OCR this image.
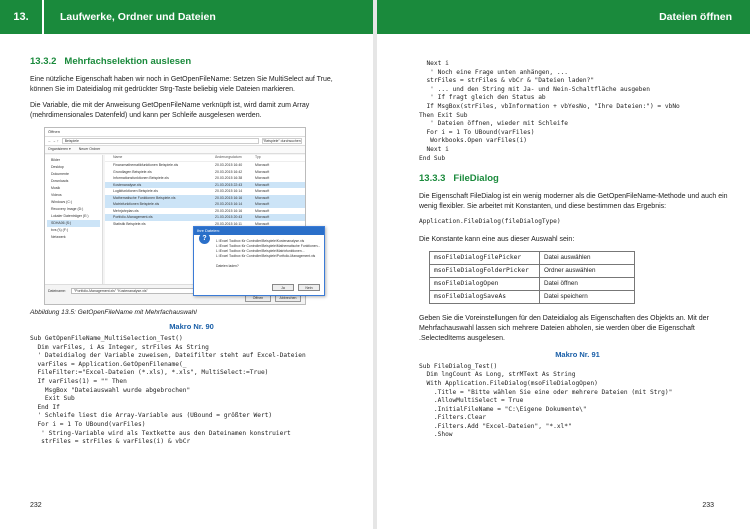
13.	Laufwerke, Ordner und Dateien
13.3.2 Mehrfachselektion auslesen

Eine nützliche Eigenschaft haben wir noch in GetOpenFileName: Setzen Sie MultiSelect auf True, können Sie im Dateidialog mit gedrückter Strg-Taste beliebig viele Dateien markieren.

Die Variable, die mit der Anweisung GetOpenFileName verknüpft ist, wird damit zum Array (mehrdimensionales Datenfeld) und kann per Schleife ausgelesen werden.

Öffnen
← → ↑	Beispiele	"Beispiele" durchsuchen
Organisieren ▾ Neuer Ordner
Bilder
Desktop
Dokumente
Downloads
Musik
Videos
Windows (C:)
Recovery Image (D:)
Lokaler Datenträger (E:)
SDHA06 (S:)
bvs (\\) (F:)
Netzwerk
Name	Änderungsdatum	Typ
Finanzmathematikfunktionen Beispiele.xls	20.03.2015 16:40	Microsoft
Grundlagen Beispiele.xls	20.03.2015 16:42	Microsoft
Informationsfunktionen Beispiele.xls	20.03.2015 16:38	Microsoft
Kostenanalyse.xls	21.03.2015 22:43	Microsoft
Logikfunktionen Beispiele.xls	20.03.2015 16:14	Microsoft
Mathematische Funktionen Beispiele.xls	20.03.2015 16:16	Microsoft
Matrixfunktionen Beispiele.xls	20.03.2015 16:14	Microsoft
Mehrjahrplan.xls	20.03.2015 16:16	Microsoft
Portfolio-Management.xls	21.03.2015 20:43	Microsoft
Statistik Beispiele.xls	20.03.2015 16:11	Microsoft
Dateiname: "Portfolio-Management.xls" "Kostenanalyse.xls"
Öffnen	Abbrechen
Ihre Dateien:
?	L:\Excel Toolbox für Controller\Beispiele\Kostenanalyse.xls
L:\Excel Toolbox für Controller\Beispiele\Mathematische Funktionen...
L:\Excel Toolbox für Controller\Beispiele\Matrixfunktionen...
L:\Excel Toolbox für Controller\Beispiele\Portfolio-Management.xls

Dateien laden?
Ja	Nein
Abbildung 13.5: GetOpenFileName mit Mehrfachauswahl
Makro Nr. 90
Sub GetOpenFileName_MultiSelection_Test()
Dim varFiles, i As Integer, strFiles As String
' Dateidialog der Variable zuweisen, Dateifilter steht auf Excel-Dateien
varFiles = Application.GetOpenFilename(_
FileFilter:="Excel-Dateien (*.xls), *.xls", MultiSelect:=True)
If varFiles(1) = "" Then
MsgBox "Dateiauswahl wurde abgebrochen"
Exit Sub
End If
' Schleife liest die Array-Variable aus (UBound = größter Wert)
For i = 1 To UBound(varFiles)
' String-Variable wird als Textkette aus den Dateinamen konstruiert
strFiles = strFiles & varFiles(i) & vbCr
232
Dateien öffnen
Next i
' Noch eine Frage unten anhängen, ...
strFiles = strFiles & vbCr & "Dateien laden?"
' ... und den String mit Ja- und Nein-Schaltfläche ausgeben
' If fragt gleich den Status ab
If MsgBox(strFiles, vbInformation + vbYesNo, "Ihre Dateien:") = vbNo
Then Exit Sub
' Dateien öffnen, wieder mit Schleife
For i = 1 To UBound(varFiles)
Workbooks.Open varFiles(i)
Next i
End Sub
13.3.3 FileDialog

Die Eigenschaft FileDialog ist ein wenig moderner als die GetOpenFileName-Methode und auch ein wenig flexibler. Sie arbeitet mit Konstanten, und diese bestimmen das Ergebnis:

Application.FileDialog(fileDialogType)

Die Konstante kann eine aus dieser Auswahl sein:

msoFileDialogFilePicker	Datei auswählen
msoFileDialogFolderPicker	Ordner auswählen
msoFileDialogOpen	Datei öffnen
msoFileDialogSaveAs	Datei speichern

Geben Sie die Voreinstellungen für den Dateidialog als Eigenschaften des Objekts an. Mit der Mehrfachauswahl lassen sich mehrere Dateien abholen, sie werden über die Eigenschaft .SelectedItems ausgelesen.

Makro Nr. 91
Sub FileDialog_Test()
Dim lngCount As Long, strMText As String
With Application.FileDialog(msoFileDialogOpen)
.Title = "Bitte wählen Sie eine oder mehrere Dateien (mit Strg)"
.AllowMultiSelect = True
.InitialFileName = "C:\Eigene Dokumente\"
.Filters.Clear
.Filters.Add "Excel-Dateien", "*.xl*"
.Show
233
